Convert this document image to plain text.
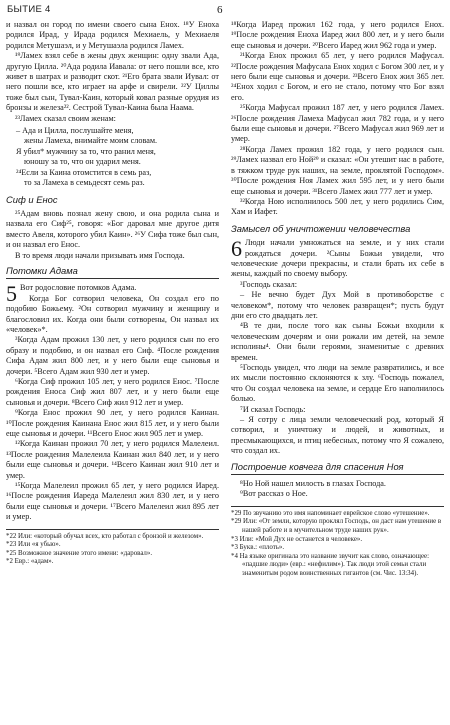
БЫТИЕ 4	6

и назвал он город по имени своего сына Енох. ¹⁸У Еноха родился Ирад, у Ирада родился Мехиаель, у Мехиаеля родился Метушаэл, и у Метушаэла родился Ламех.

¹⁹Ламех взял себе в жены двух женщин: одну звали Ада, другую Цилла. ²⁰Ада родила Иавала: от него пошли все, кто живет в шатрах и разводит скот. ²¹Его брата звали Иувал: от него пошли все, кто играет на арфе и свирели. ²²У Циллы тоже был сын, Тувал-Каин, который ковал разные орудия из бронзы и железа²². Сестрой Тувал-Каина была Наама.

²³Ламех сказал своим женам:

– Ада и Цилла, послушайте меня,
жены Ламеха, внимайте моим словам.
Я убил* мужчину за то, что ранил меня,
юношу за то, что он ударил меня.
²⁴Если за Каина отомстится в семь раз,
то за Ламеха в семьдесят семь раз.
Сиф и Енос

²⁵Адам вновь познал жену свою, и она родила сына и назвала его Сиф²⁵, говоря: «Бог даровал мне другое дитя вместо Авеля, которого убил Каин». ²⁶У Сифа тоже был сын, и он назвал его Енос.

В то время люди начали призывать имя Господа.

Потомки Адама
5 Вот родословие потомков Адама.

Когда Бог сотворил человека, Он создал его по подобию Божьему. ²Он сотворил мужчину и женщину и благословил их. Когда они были сотворены, Он назвал их «человек»*.

³Когда Адам прожил 130 лет, у него родился сын по его образу и подобию, и он назвал его Сиф. ⁴После рождения Сифа Адам жил 800 лет, и у него были еще сыновья и дочери. ⁵Всего Адам жил 930 лет и умер.

⁶Когда Сиф прожил 105 лет, у него родился Енос. ⁷После рождения Еноса Сиф жил 807 лет, и у него были еще сыновья и дочери. ⁸Всего Сиф жил 912 лет и умер.

⁹Когда Енос прожил 90 лет, у него родился Каинан. ¹⁰После рождения Каинана Енос жил 815 лет, и у него были еще сыновья и дочери. ¹¹Всего Енос жил 905 лет и умер.

¹²Когда Каинан прожил 70 лет, у него родился Малелеил. ¹³После рождения Малелеила Каинан жил 840 лет, и у него были еще сыновья и дочери. ¹⁴Всего Каинан жил 910 лет и умер.

¹⁵Когда Малелеил прожил 65 лет, у него родился Иаред. ¹⁶После рождения Иареда Малелеил жил 830 лет, и у него были еще сыновья и дочери. ¹⁷Всего Малелеил жил 895 лет и умер.

*22 Или: «который обучал всех, кто работал с бронзой и железом».
*23 Или «я убью».
*25 Возможное значение этого имени: «даровал».
*2 Евр.: «адам».

¹⁸Когда Иаред прожил 162 года, у него родился Енох. ¹⁹После рождения Еноха Иаред жил 800 лет, и у него были еще сыновья и дочери. ²⁰Всего Иаред жил 962 года и умер.

²¹Когда Енох прожил 65 лет, у него родился Мафусал. ²²После рождения Мафусала Енох ходил с Богом 300 лет, и у него были еще сыновья и дочери. ²³Всего Енох жил 365 лет. ²⁴Енох ходил с Богом, и его не стало, потому что Бог взял его.

²⁵Когда Мафусал прожил 187 лет, у него родился Ламех. ²⁶После рождения Ламеха Мафусал жил 782 года, и у него были еще сыновья и дочери. ²⁷Всего Мафусал жил 969 лет и умер.

²⁸Когда Ламех прожил 182 года, у него родился сын. ²⁹Ламех назвал его Ной²⁹ и сказал: «Он утешит нас в работе, в тяжком труде рук наших, на земле, проклятой Господом». ³⁰После рождения Ноя Ламех жил 595 лет, и у него были еще сыновья и дочери. ³¹Всего Ламех жил 777 лет и умер.

³²Когда Ною исполнилось 500 лет, у него родились Сим, Хам и Иафет.

Замысел об уничтожении человечества
6 Люди начали умножаться на земле, и у них стали рождаться дочери. ²Сыны Божьи увидели, что человеческие дочери прекрасны, и стали брать их себе в жены, каждый по своему выбору.

³Господь сказал:

– Не вечно будет Дух Мой в противоборстве с человеком*, потому что человек развращен*; пусть будут дни его сто двадцать лет.

⁴В те дни, после того как сыны Божьи входили к человеческим дочерям и они рожали им детей, на земле исполины⁴. Они были героями, знаменитые с древних времен.

⁵Господь увидел, что люди на земле развратились, и все их мысли постоянно склоняются к злу. ⁶Господь пожалел, что Он создал человека на земле, и сердце Его наполнилось болью.

⁷И сказал Господь:

– Я сотру с лица земли человеческий род, который Я сотворил, и уничтожу и людей, и животных, и пресмыкающихся, и птиц небесных, потому что Я сожалею, что создал их.

Построение ковчега для спасения Ноя

⁸Но Ной нашел милость в глазах Господа.

⁹Вот рассказ о Ное.

*29 По звучанию это имя напоминает еврейское слово «утешение».
*29 Или: «От земли, которую проклял Господь, он даст нам утешение в нашей работе и в мучительном труде наших рук».
*3 Или: «Мой Дух не останется в человеке».
*3 Букв.: «плоть».
*4 На языке оригинала это название звучит как слово, означающее: «падшие люди» (евр.: «нефилим»). Так люди этой семьи стали знаменитым родом воинственных гигантов (см. Чис. 13:34).
